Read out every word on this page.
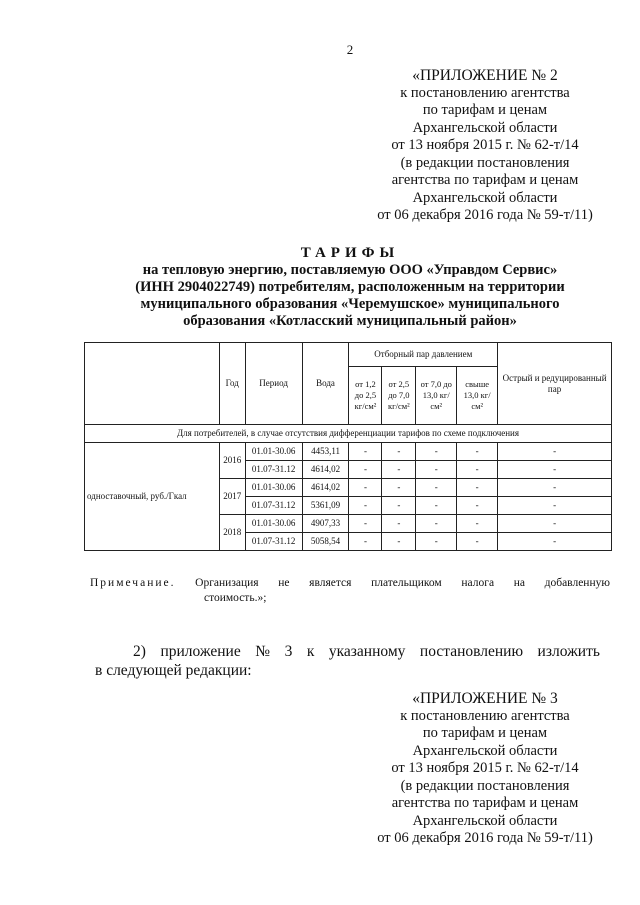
2
«ПРИЛОЖЕНИЕ № 2
к постановлению агентства
по тарифам и ценам
Архангельской области
от 13 ноября 2015 г. № 62-т/14
(в редакции постановления
агентства по тарифам и ценам
Архангельской области
от 06 декабря 2016 года № 59-т/11)
ТАРИФЫ
на тепловую энергию, поставляемую ООО «Управдом Сервис»
(ИНН 2904022749) потребителям, расположенным на территории
муниципального образования «Черемушское» муниципального
образования «Котласский муниципальный район»
	Год	Период	Вода	Отборный пар давлением				Острый и редуцированный пар
				от 1,2 до 2,5 кг/см²	от 2,5 до 7,0 кг/см²	от 7,0 до 13,0 кг/см²	свыше 13,0 кг/см²	
Для потребителей, в случае отсутствия дифференциации тарифов по схеме подключения								
одноставочный, руб./Гкал	2016	01.01-30.06	4453,11	-	-	-	-	-
		01.07-31.12	4614,02	-	-	-	-	-
	2017	01.01-30.06	4614,02	-	-	-	-	-
		01.07-31.12	5361,09	-	-	-	-	-
	2018	01.01-30.06	4907,33	-	-	-	-	-
		01.07-31.12	5058,54	-	-	-	-	-
Примечание. Организация не является плательщиком налога на добавленную
стоимость.»;
2) приложение № 3 к указанному постановлению изложить
в следующей редакции:
«ПРИЛОЖЕНИЕ № 3
к постановлению агентства
по тарифам и ценам
Архангельской области
от 13 ноября 2015 г. № 62-т/14
(в редакции постановления
агентства по тарифам и ценам
Архангельской области
от 06 декабря 2016 года № 59-т/11)
